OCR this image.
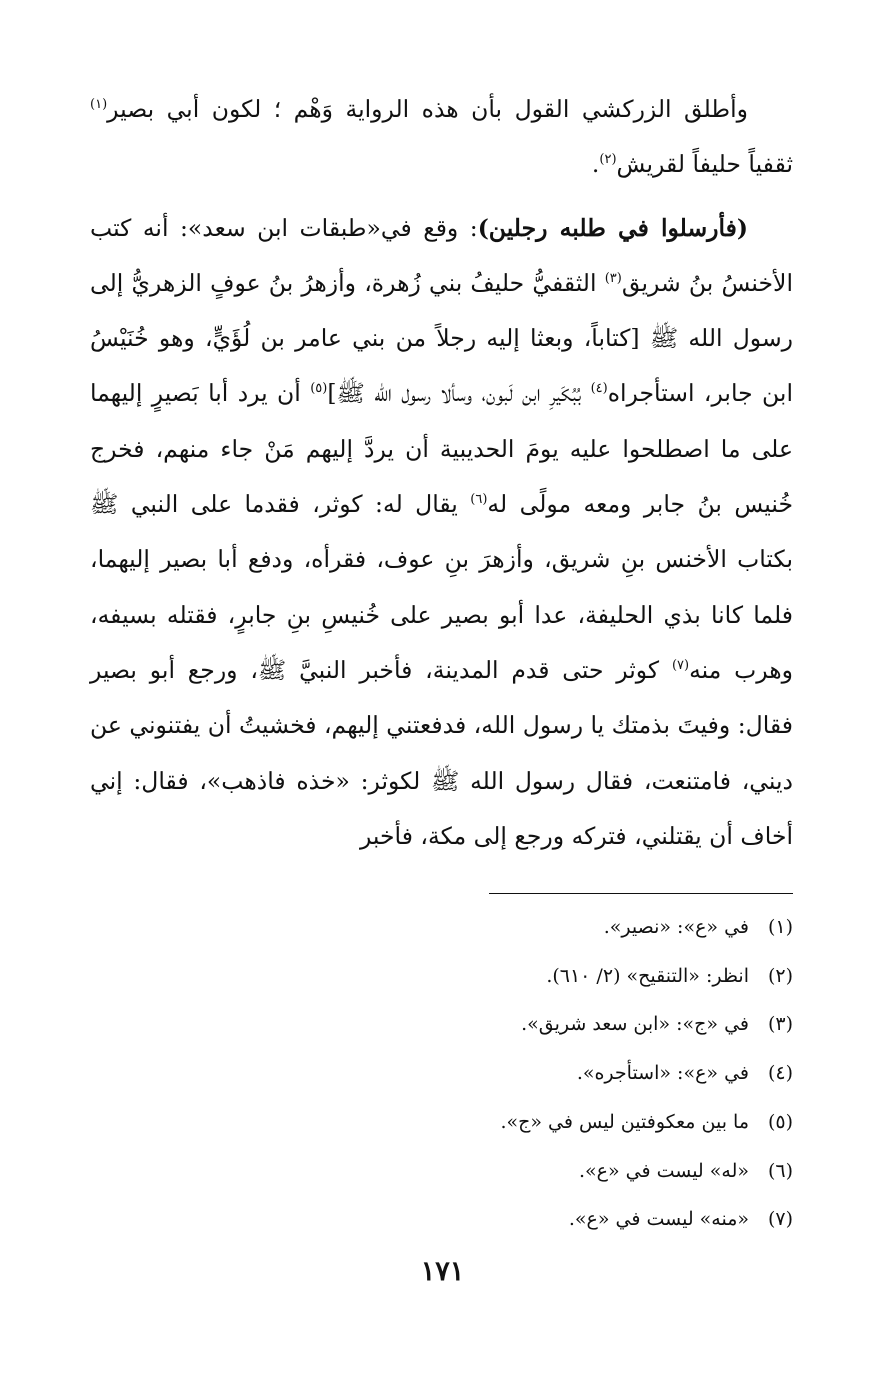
وأطلق الزركشي القول بأن هذه الرواية وَهْم ؛ لكون أبي بصير$^{(١)}$ ثقفياً حليفاً لقريش$^{(٢)}$.

(فأرسلوا في طلبه رجلين): وقع في«طبقات ابن سعد»: أنه كتب الأخنسُ بنُ شريق$^{(٣)}$ الثقفيُّ حليفُ بني زُهرة، وأزهرُ بنُ عوفٍ الزهريُّ إلى رسول الله ﷺ [كتاباً، وبعثا إليه رجلاً من بني عامر بن لُؤَيٍّ، وهو خُنَيْسُ ابن جابر، استأجراه$^{(٤)}$ بُبُكَيرِ ابن لَبون، وسألا رسول الله ﷺ]$^{(٥)}$ أن يرد أبا بَصيرٍ إليهما على ما اصطلحوا عليه يومَ الحديبية أن يردَّ إليهم مَنْ جاء منهم، فخرج خُنيس بنُ جابر ومعه مولًى له$^{(٦)}$ يقال له: كوثر، فقدما على النبي ﷺ بكتاب الأخنس بنِ شريق، وأزهرَ بنِ عوف، فقرأه، ودفع أبا بصير إليهما، فلما كانا بذي الحليفة، عدا أبو بصير على خُنيسِ بنِ جابرٍ، فقتله بسيفه، وهرب منه$^{(٧)}$ كوثر حتى قدم المدينة، فأخبر النبيَّ ﷺ، ورجع أبو بصير فقال: وفيتَ بذمتك يا رسول الله، فدفعتني إليهم، فخشيتُ أن يفتنوني عن ديني، فامتنعت، فقال رسول الله ﷺ لكوثر: «خذه فاذهب»، فقال: إني أخاف أن يقتلني، فتركه ورجع إلى مكة، فأخبر

(١)في «ع»: «نصير».
(٢)انظر: «التنقيح» (٢/ ٦١٠).
(٣)في «ج»: «ابن سعد شريق».
(٤)في «ع»: «استأجره».
(٥)ما بين معكوفتين ليس في «ج».
(٦)«له» ليست في «ع».
(٧)«منه» ليست في «ع».
١٧١
